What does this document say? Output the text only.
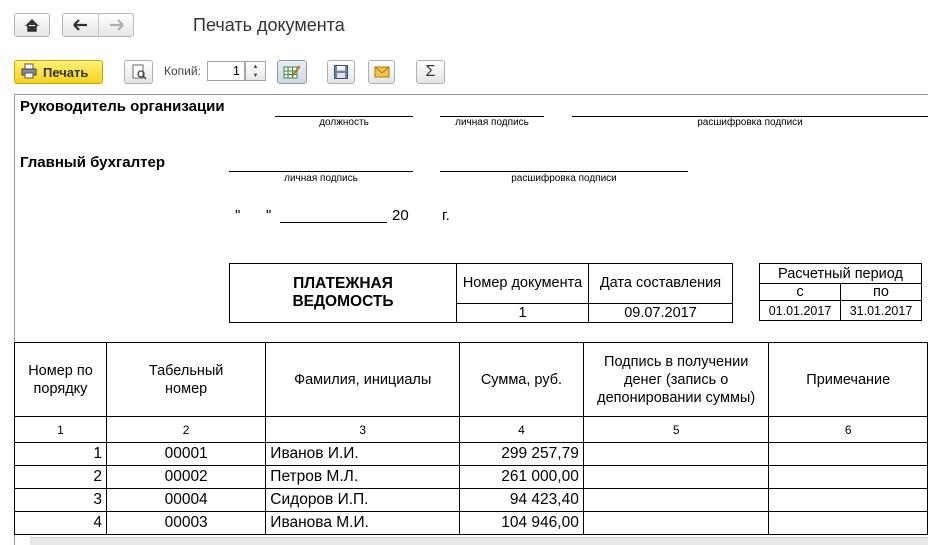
Печать документа
Печать	Копий:	1	▲
▼	Σ
Руководитель организации
должность	личная подпись	расшифровка подписи
Главный бухгалтер
личная подпись	расшифровка подписи
" "	20 г.
ПЛАТЕЖНАЯ ВЕДОМОСТЬ	Номер документа	Дата составления
	1	09.07.2017
Расчетный период	
с	по
01.01.2017	31.01.2017
Номер по порядку	Табельный номер	Фамилия, инициалы	Сумма, руб.	Подпись в получении денег (запись о депонировании суммы)	Примечание
1	2	3	4	5	6
1	00001	Иванов И.И.	299 257,79		
2	00002	Петров М.Л.	261 000,00		
3	00004	Сидоров И.П.	94 423,40		
4	00003	Иванова М.И.	104 946,00		
